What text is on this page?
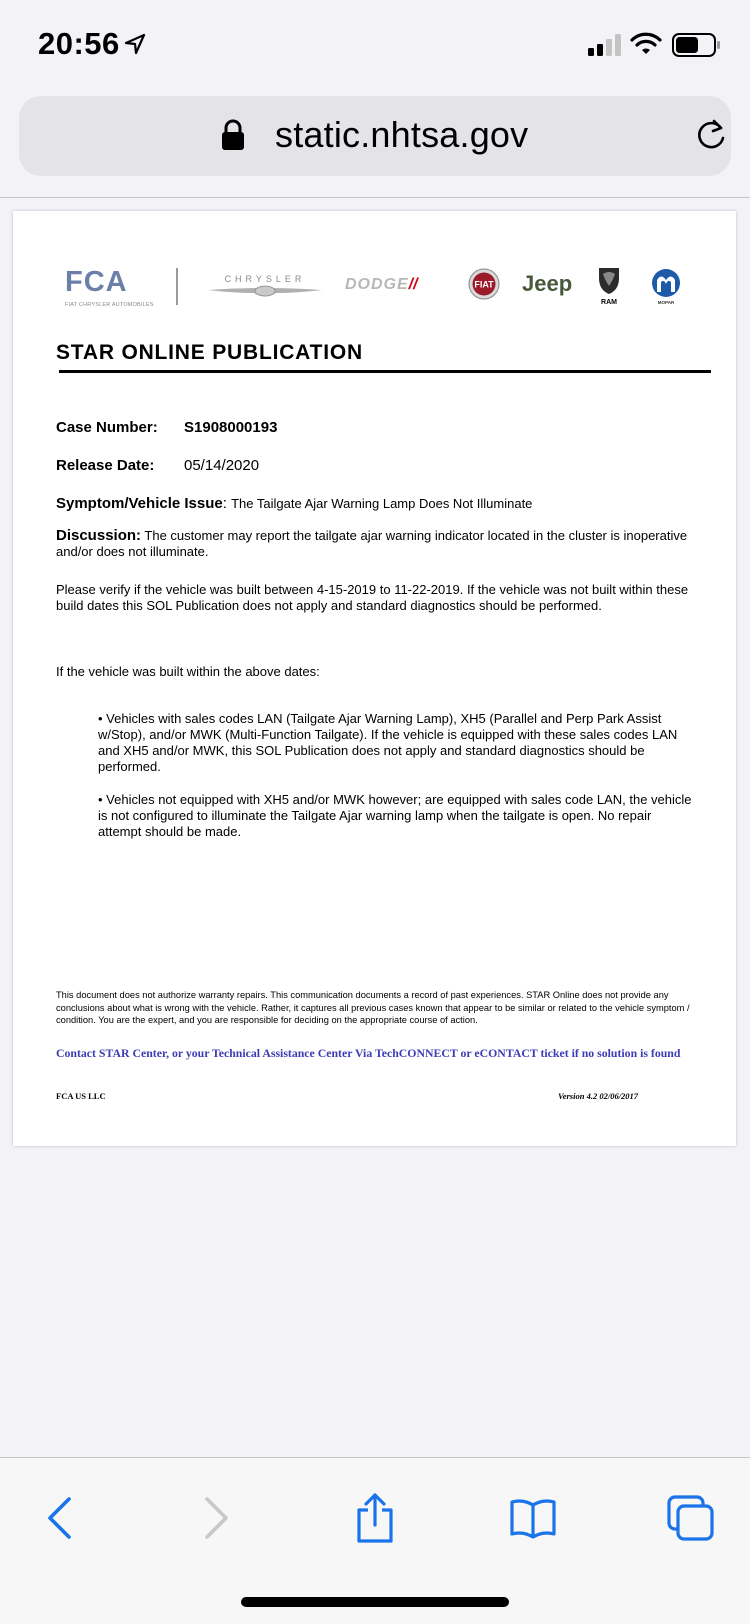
20:56
static.nhtsa.gov
FCA
FIAT CHRYSLER AUTOMOBILES
CHRYSLER	DODGE//	FIAT Jeep
RAM	MOPAR
STAR ONLINE PUBLICATION
Case Number: S1908000193
Release Date: 05/14/2020
Symptom/Vehicle Issue: The Tailgate Ajar Warning Lamp Does Not Illuminate
Discussion: The customer may report the tailgate ajar warning indicator located in the cluster is inoperative and/or does not illuminate.
Please verify if the vehicle was built between 4-15-2019 to 11-22-2019. If the vehicle was not built within these build dates this SOL Publication does not apply and standard diagnostics should be performed.
If the vehicle was built within the above dates:
• Vehicles with sales codes LAN (Tailgate Ajar Warning Lamp), XH5 (Parallel and Perp Park Assist w/Stop), and/or MWK (Multi-Function Tailgate). If the vehicle is equipped with these sales codes LAN and XH5 and/or MWK, this SOL Publication does not apply and standard diagnostics should be performed.
• Vehicles not equipped with XH5 and/or MWK however; are equipped with sales code LAN, the vehicle is not configured to illuminate the Tailgate Ajar warning lamp when the tailgate is open. No repair attempt should be made.
This document does not authorize warranty repairs. This communication documents a record of past experiences. STAR Online does not provide any conclusions about what is wrong with the vehicle. Rather, it captures all previous cases known that appear to be similar or related to the vehicle symptom / condition. You are the expert, and you are responsible for deciding on the appropriate course of action.
Contact STAR Center, or your Technical Assistance Center Via TechCONNECT or eCONTACT ticket if no solution is found
FCA US LLC	Version 4.2 02/06/2017
